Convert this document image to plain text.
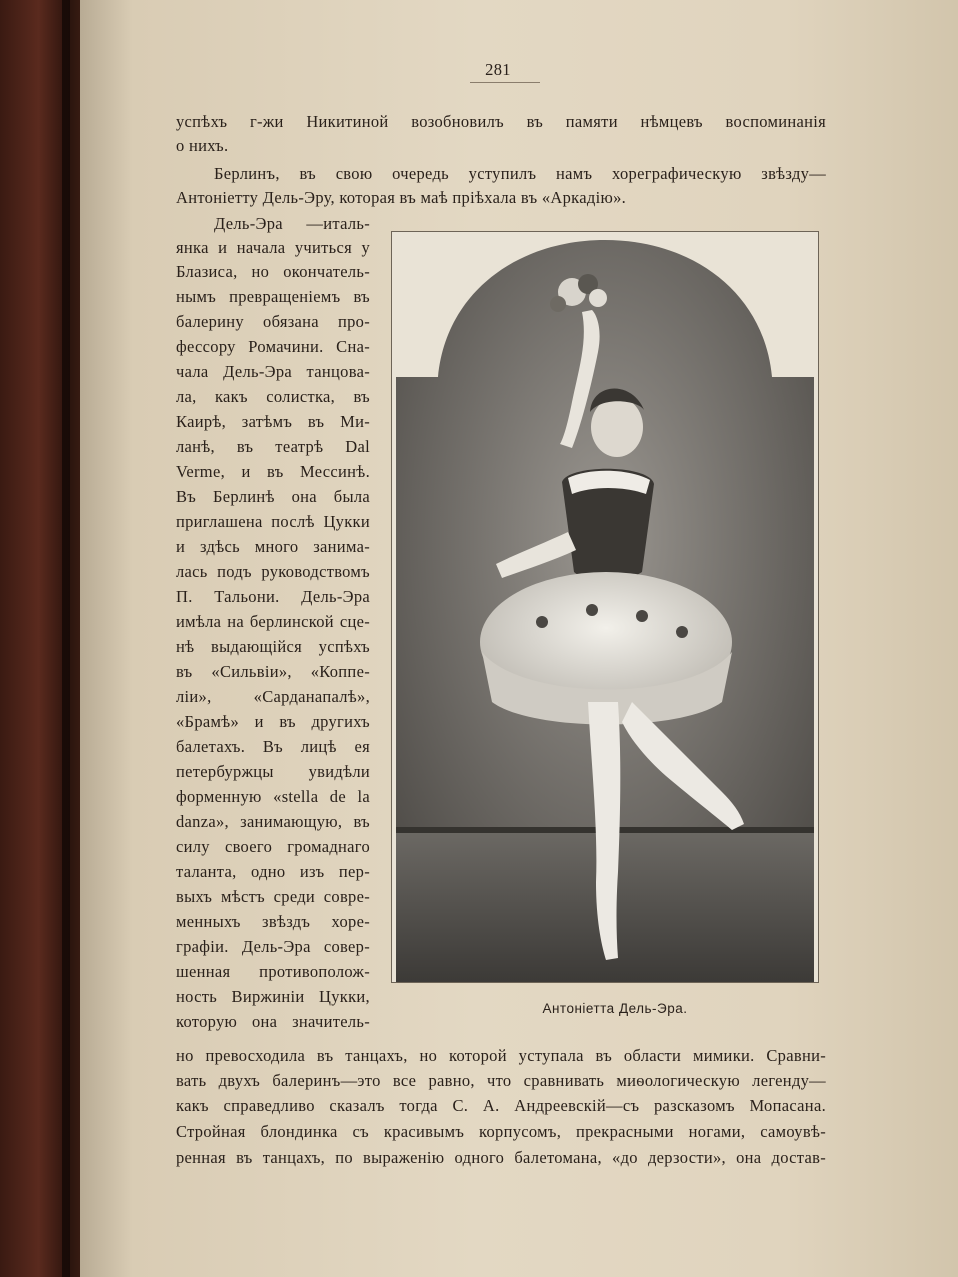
281
успѣхъ г-жи Никитиной возобновилъ въ памяти нѣмцевъ воспоминанія
о нихъ.
Берлинъ, въ свою очередь уступилъ намъ хореграфическую звѣзду—
Антоніетту Дель-Эру, которая въ маѣ пріѣхала въ «Аркадію».
Дель-Эра —италь-
янка и начала учиться у
Блазиса, но окончатель-
нымъ превращеніемъ въ
балерину обязана про-
фессору Ромачини. Сна-
чала Дель-Эра танцова-
ла, какъ солистка, въ
Каирѣ, затѣмъ въ Ми-
ланѣ, въ театрѣ Dal
Verme, и въ Мессинѣ.
Въ Берлинѣ она была
приглашена послѣ Цукки
и здѣсь много занима-
лась подъ руководствомъ
П. Тальони. Дель-Эра
имѣла на берлинской сце-
нѣ выдающійся успѣхъ
въ «Сильвіи», «Коппе-
ліи», «Сарданапалѣ»,
«Брамѣ» и въ другихъ
балетахъ. Въ лицѣ ея
петербуржцы увидѣли
форменную «stella de la
danza», занимающую, въ
силу своего громаднаго
таланта, одно изъ пер-
выхъ мѣстъ среди совре-
менныхъ звѣздъ хоре-
графіи. Дель-Эра совер-
шенная противополож-
ность Виржиніи Цукки,
которую она значитель-
Антоніетта Дель-Эра.
но превосходила въ танцахъ, но которой уступала въ области мимики. Сравни-
вать двухъ балеринъ—это все равно, что сравнивать миѳологическую легенду—
какъ справедливо сказалъ тогда С. А. Андреевскій—съ разсказомъ Мопасана.
Стройная блондинка съ красивымъ корпусомъ, прекрасными ногами, самоувѣ-
ренная въ танцахъ, по выраженію одного балетомана, «до дерзости», она достав-
